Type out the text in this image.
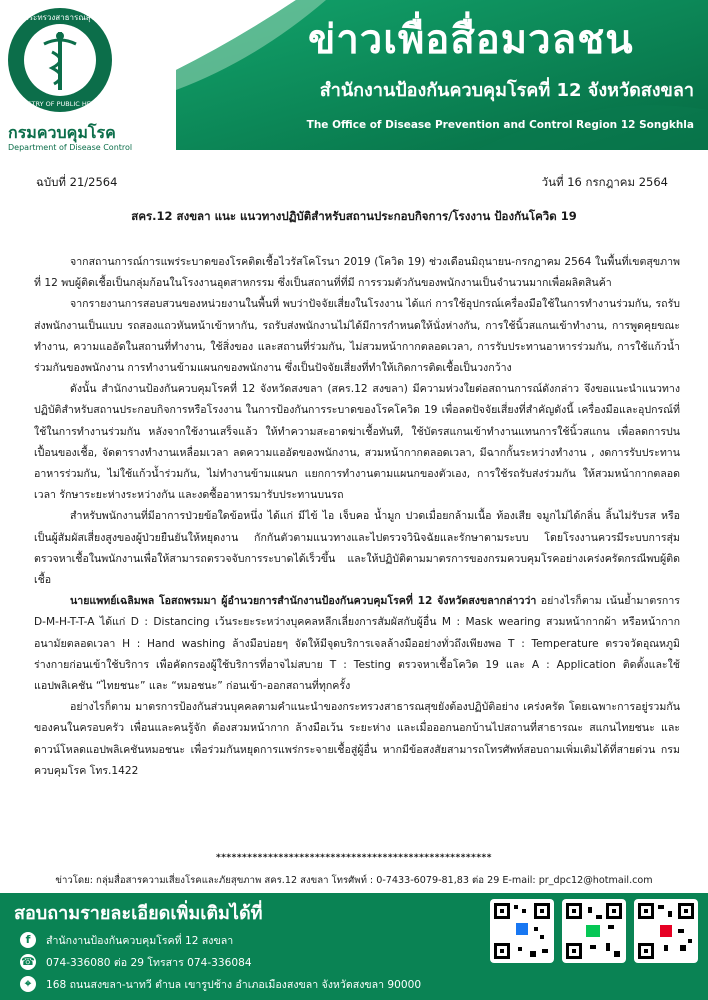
กระทรวงสาธารณสุข
MINISTRY OF PUBLIC HEALTH
กรมควบคุมโรค
Department of Disease Control
ข่าวเพื่อสื่อมวลชน
สำนักงานป้องกันควบคุมโรคที่ 12 จังหวัดสงขลา
The Office of Disease Prevention and Control Region 12 Songkhla
ฉบับที่ 21/2564	วันที่ 16 กรกฎาคม 2564
สคร.12 สงขลา แนะ แนวทางปฏิบัติสำหรับสถานประกอบกิจการ/โรงงาน ป้องกันโควิด 19

จากสถานการณ์การแพร่ระบาดของโรคติดเชื้อไวรัสโคโรนา 2019 (โควิด 19) ช่วงเดือนมิถุนายน-กรกฎาคม 2564 ในพื้นที่เขตสุขภาพที่ 12 พบผู้ติดเชื้อเป็นกลุ่มก้อนในโรงงานอุตสาหกรรม ซึ่งเป็นสถานที่ที่มี การรวมตัวกันของพนักงานเป็นจำนวนมากเพื่อผลิตสินค้า

จากรายงานการสอบสวนของหน่วยงานในพื้นที่ พบว่าปัจจัยเสี่ยงในโรงงาน ได้แก่ การใช้อุปกรณ์เครื่องมือใช้ในการทำงานร่วมกัน, รถรับส่งพนักงานเป็นแบบ รถสองแถวหันหน้าเข้าหากัน, รถรับส่งพนักงานไม่ได้มีการกำหนดให้นั่งห่างกัน, การใช้นิ้วสแกนเข้าทำงาน, การพูดคุยขณะทำงาน, ความแออัดในสถานที่ทำงาน, ใช้สิ่งของ และสถานที่ร่วมกัน, ไม่สวมหน้ากากตลอดเวลา, การรับประทานอาหารร่วมกัน, การใช้แก้วน้ำร่วมกันของพนักงาน การทำงานข้ามแผนกของพนักงาน ซึ่งเป็นปัจจัยเสี่ยงที่ทำให้เกิดการติดเชื้อเป็นวงกว้าง

ดังนั้น สำนักงานป้องกันควบคุมโรคที่ 12 จังหวัดสงขลา (สคร.12 สงขลา) มีความห่วงใยต่อสถานการณ์ดังกล่าว จึงขอแนะนำแนวทางปฏิบัติสำหรับสถานประกอบกิจการหรือโรงงาน ในการป้องกันการระบาดของโรคโควิด 19 เพื่อลดปัจจัยเสี่ยงที่สำคัญดังนี้ เครื่องมือและอุปกรณ์ที่ใช้ในการทำงานร่วมกัน หลังจากใช้งานเสร็จแล้ว ให้ทำความสะอาดฆ่าเชื้อทันที, ใช้บัตรสแกนเข้าทำงานแทนการใช้นิ้วสแกน เพื่อลดการปนเปื้อนของเชื้อ, จัดตารางทำงานเหลื่อมเวลา ลดความแออัดของพนักงาน, สวมหน้ากากตลอดเวลา, มีฉากกั้นระหว่างทำงาน , งดการรับประทานอาหารร่วมกัน, ไม่ใช้แก้วน้ำร่วมกัน, ไม่ทำงานข้ามแผนก แยกการทำงานตามแผนกของตัวเอง, การใช้รถรับส่งร่วมกัน ให้สวมหน้ากากตลอดเวลา รักษาระยะห่างระหว่างกัน และงดซื้ออาหารมารับประทานบนรถ

สำหรับพนักงานที่มีอาการป่วยข้อใดข้อหนึ่ง ได้แก่ มีไข้ ไอ เจ็บคอ น้ำมูก ปวดเมื่อยกล้ามเนื้อ ท้องเสีย จมูกไม่ได้กลิ่น ลิ้นไม่รับรส หรือเป็นผู้สัมผัสเสี่ยงสูงของผู้ป่วยยืนยันให้หยุดงาน กักกันตัวตามแนวทางและไปตรวจวินิจฉัยและรักษาตามระบบ โดยโรงงานควรมีระบบการสุ่มตรวจหาเชื้อในพนักงานเพื่อให้สามารถตรวจจับการระบาดได้เร็วขึ้น และให้ปฏิบัติตามมาตรการของกรมควบคุมโรคอย่างเคร่งครัดกรณีพบผู้ติดเชื้อ

นายแพทย์เฉลิมพล โอสถพรมมา ผู้อำนวยการสำนักงานป้องกันควบคุมโรคที่ 12 จังหวัดสงขลากล่าวว่า อย่างไรก็ตาม เน้นย้ำมาตรการ D-M-H-T-T-A ได้แก่ D : Distancing เว้นระยะระหว่างบุคคลหลีกเลี่ยงการสัมผัสกับผู้อื่น M : Mask wearing สวมหน้ากากผ้า หรือหน้ากากอนามัยตลอดเวลา H : Hand washing ล้างมือบ่อยๆ จัดให้มีจุดบริการเจลล้างมืออย่างทั่วถึงเพียงพอ T : Temperature ตรวจวัดอุณหภูมิร่างกายก่อนเข้าใช้บริการ เพื่อคัดกรองผู้ใช้บริการที่อาจไม่สบาย T : Testing ตรวจหาเชื้อโควิด 19 และ A : Application ติดตั้งและใช้แอปพลิเคชัน “ไทยชนะ” และ “หมอชนะ” ก่อนเข้า-ออกสถานที่ทุกครั้ง

อย่างไรก็ตาม มาตรการป้องกันส่วนบุคคลตามคำแนะนำของกระทรวงสาธารณสุขยังต้องปฏิบัติอย่าง เคร่งครัด โดยเฉพาะการอยู่รวมกันของคนในครอบครัว เพื่อนและคนรู้จัก ต้องสวมหน้ากาก ล้างมือเว้น ระยะห่าง และเมื่อออกนอกบ้านไปสถานที่สาธารณะ สแกนไทยชนะ และดาวน์โหลดแอปพลิเคชันหมอชนะ เพื่อร่วมกันหยุดการแพร่กระจายเชื้อสู่ผู้อื่น หากมีข้อสงสัยสามารถโทรศัพท์สอบถามเพิ่มเติมได้ที่สายด่วน กรมควบคุมโรค โทร.1422

*****************************************************
ข่าวโดย: กลุ่มสื่อสารความเสี่ยงโรคและภัยสุขภาพ สคร.12 สงขลา โทรศัพท์ : 0-7433-6079-81,83 ต่อ 29 E-mail: pr_dpc12@hotmail.com
สอบถามรายละเอียดเพิ่มเติมได้ที่
f	สำนักงานป้องกันควบคุมโรคที่ 12 สงขลา
☎ 074-336080 ต่อ 29 โทรสาร 074-336084
⌖	168 ถนนสงขลา-นาทวี ตำบล เขารูปช้าง อำเภอเมืองสงขลา จังหวัดสงขลา 90000
